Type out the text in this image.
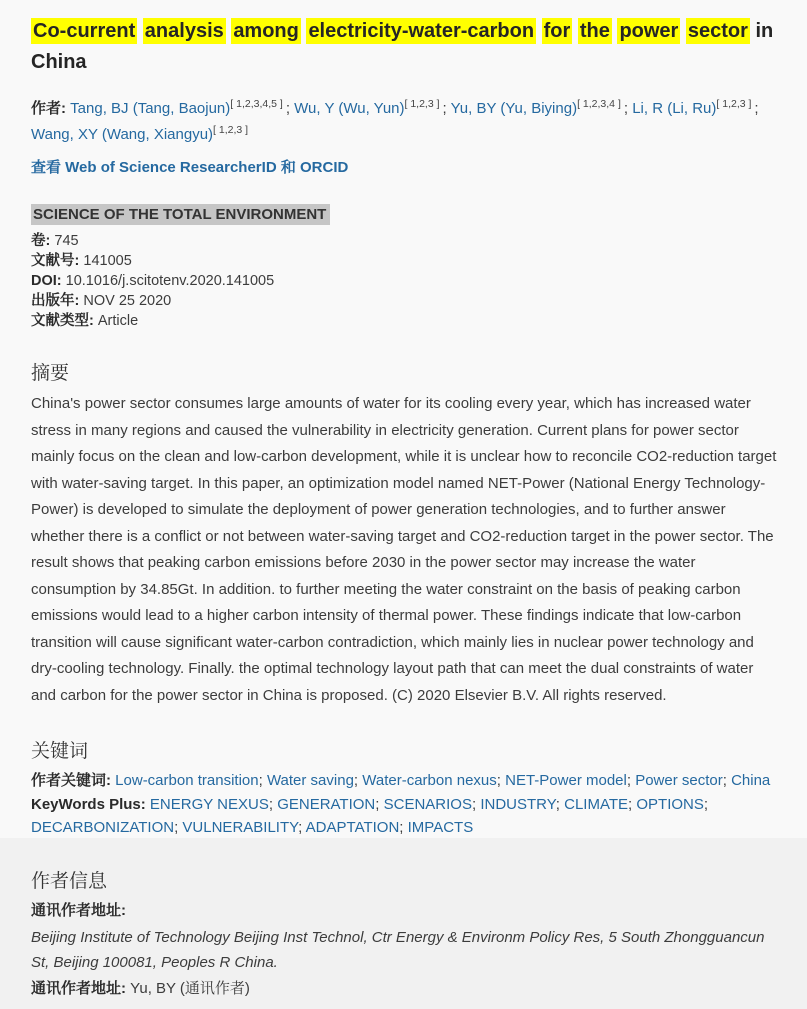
Co-current analysis among electricity-water-carbon for the power sector in China

作者: Tang, BJ (Tang, Baojun)[ 1,2,3,4,5 ] ; Wu, Y (Wu, Yun)[ 1,2,3 ] ; Yu, BY (Yu, Biying)[ 1,2,3,4 ] ; Li, R (Li, Ru)[ 1,2,3 ] ; Wang, XY (Wang, Xiangyu)[ 1,2,3 ]

查看 Web of Science ResearcherID 和 ORCID

SCIENCE OF THE TOTAL ENVIRONMENT

卷: 745

文献号: 141005

DOI: 10.1016/j.scitotenv.2020.141005

出版年: NOV 25 2020

文献类型: Article

摘要

China's power sector consumes large amounts of water for its cooling every year, which has increased water stress in many regions and caused the vulnerability in electricity generation. Current plans for power sector mainly focus on the clean and low-carbon development, while it is unclear how to reconcile CO2-reduction target with water-saving target. In this paper, an optimization model named NET-Power (National Energy Technology-Power) is developed to simulate the deployment of power generation technologies, and to further answer whether there is a conflict or not between water-saving target and CO2-reduction target in the power sector. The result shows that peaking carbon emissions before 2030 in the power sector may increase the water consumption by 34.85Gt. In addition. to further meeting the water constraint on the basis of peaking carbon emissions would lead to a higher carbon intensity of thermal power. These findings indicate that low-carbon transition will cause significant water-carbon contradiction, which mainly lies in nuclear power technology and dry-cooling technology. Finally. the optimal technology layout path that can meet the dual constraints of water and carbon for the power sector in China is proposed. (C) 2020 Elsevier B.V. All rights reserved.

关键词

作者关键词: Low-carbon transition; Water saving; Water-carbon nexus; NET-Power model; Power sector; China

KeyWords Plus: ENERGY NEXUS; GENERATION; SCENARIOS; INDUSTRY; CLIMATE; OPTIONS; DECARBONIZATION; VULNERABILITY; ADAPTATION; IMPACTS

作者信息

通讯作者地址:

Beijing Institute of Technology Beijing Inst Technol, Ctr Energy & Environm Policy Res, 5 South Zhongguancun St, Beijing 100081, Peoples R China.

通讯作者地址: Yu, BY (通讯作者)
